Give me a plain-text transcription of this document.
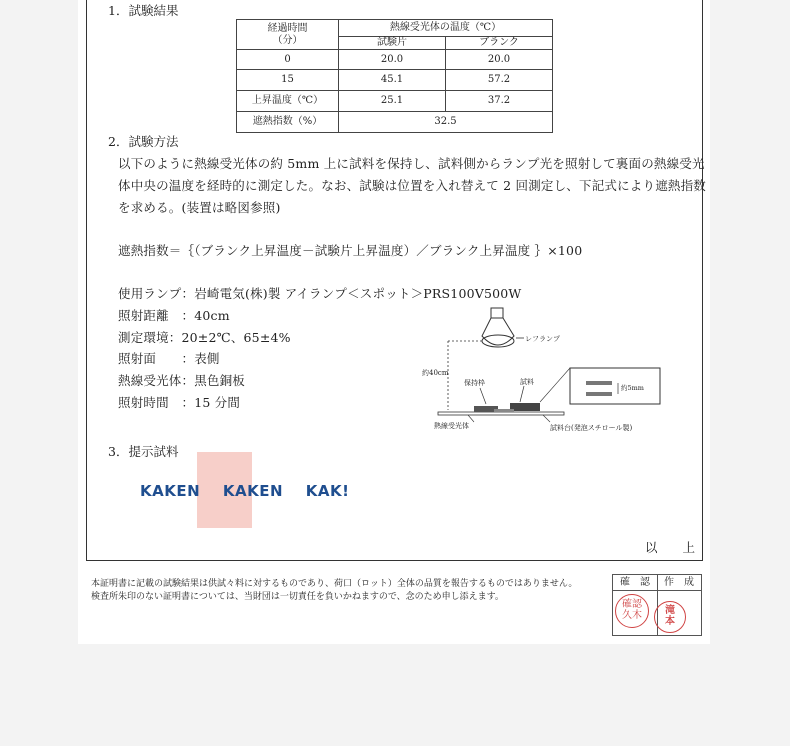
1．試験結果
経過時間
（分）	熱線受光体の温度（℃）	
	試験片	ブランク
0	20.0	20.0
15	45.1	57.2
上昇温度（℃）	25.1	37.2
遮熱指数（%）	32.5	
2．試験方法
以下のように熱線受光体の約 5mm 上に試料を保持し、試料側からランプ光を照射して裏面の熱線受光
体中央の温度を経時的に測定した。なお、試験は位置を入れ替えて 2 回測定し、下記式により遮熱指数
を求める。(装置は略図参照)
遮熱指数＝｛（ブランク上昇温度－試験片上昇温度）／ブランク上昇温度 ｝×100
使用ランプ：岩崎電気(株)製 アイランプ＜スポット＞PRS100V500W
照射距離　：40cm
測定環境：20±2℃、65±4%
照射面　　：表側
熱線受光体：黒色銅板
照射時間　：15 分間
レフランプ
約40cm
保持枠	試料
約5mm
熱線受光体	試料台(発泡スチロール製)
3．提示試料
KAKEN KAKEN KAK!
以　　上
本証明書に記載の試験結果は供試々料に対するものであり、荷口（ロット）全体の品質を報告するものではありません。
検査所朱印のない証明書については、当財団は一切責任を負いかねますので、念のため申し添えます。
確　認	作　成
確認
久木	滝
本
